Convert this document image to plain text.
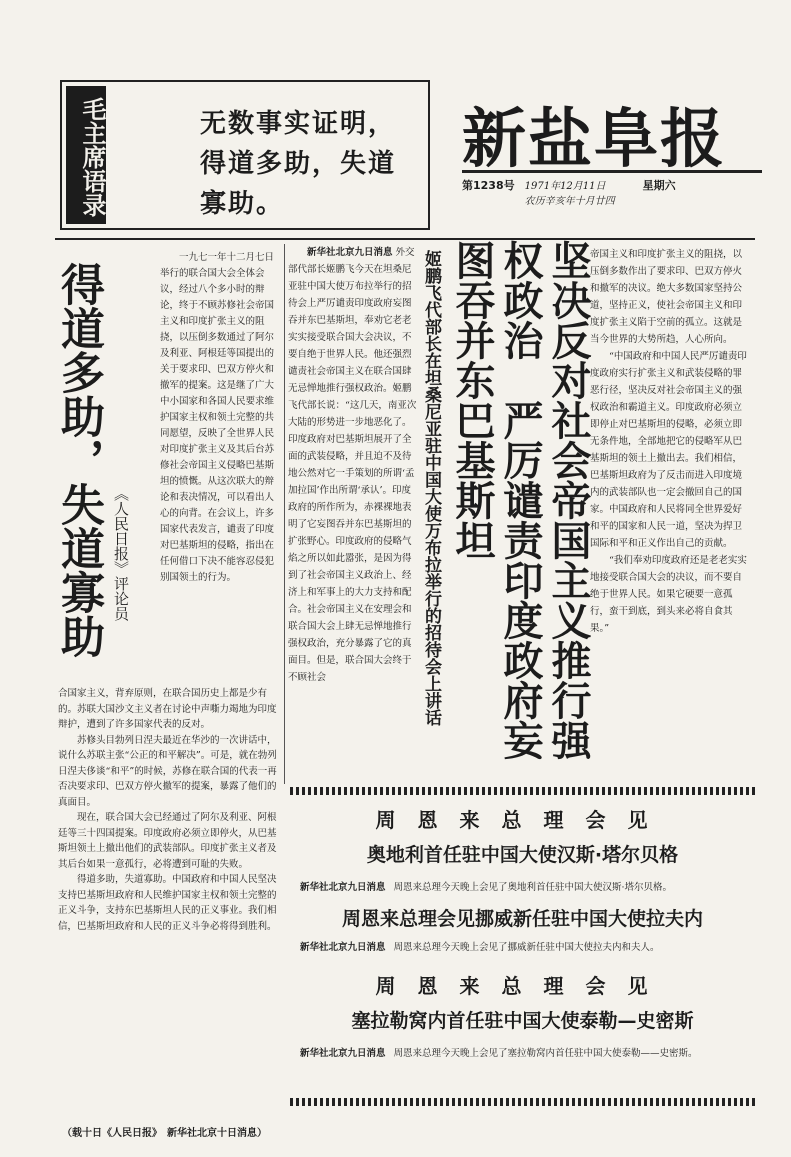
毛主席语录	无数事实证明，得道多助，失道寡助。
新盐阜报
第1238号 1971年12月11日
农历辛亥年十月廿四
星期六
得道多助，失道寡助 《人民日报》评论员
一九七一年十二月七日举行的联合国大会全体会议，经过八个多小时的辩论，终于不顾苏修社会帝国主义和印度扩张主义的阻挠，以压倒多数通过了阿尔及利亚、阿根廷等国提出的关于要求印、巴双方停火和撤军的提案。这是继了广大中小国家和各国人民要求维护国家主权和领土完整的共同愿望，反映了全世界人民对印度扩张主义及其后台苏修社会帝国主义侵略巴基斯坦的愤慨。从这次联大的辩论和表决情况，可以看出人心的向背。在会议上，许多国家代表发言，谴责了印度对巴基斯坦的侵略，指出在任何借口下决不能容忍侵犯别国领土的行为。

合国家主义，背弃原则，在联合国历史上都是少有的。苏联大国沙文主义者在讨论中声嘶力竭地为印度辩护，遭到了许多国家代表的反对。

苏修头目勃列日涅夫最近在华沙的一次讲话中，说什么苏联主张“公正的和平解决”。可是，就在勃列日涅夫侈谈“和平”的时候，苏修在联合国的代表一再否决要求印、巴双方停火撤军的提案，暴露了他们的真面目。

现在，联合国大会已经通过了阿尔及利亚、阿根廷等三十四国提案。印度政府必须立即停火，从巴基斯坦领土上撤出他们的武装部队。印度扩张主义者及其后台如果一意孤行，必将遭到可耻的失败。

得道多助，失道寡助。中国政府和中国人民坚决支持巴基斯坦政府和人民维护国家主权和领土完整的正义斗争，支持东巴基斯坦人民的正义事业。我们相信，巴基斯坦政府和人民的正义斗争必将得到胜利。

（载十日《人民日报》　新华社北京十日消息）
新华社北京九日消息 外交部代部长姬鹏飞今天在坦桑尼亚驻中国大使万布拉举行的招待会上严厉谴责印度政府妄图吞并东巴基斯坦，奉劝它老老实实接受联合国大会决议，不要自绝于世界人民。他还强烈谴责社会帝国主义在联合国肆无忌惮地推行强权政治。姬鹏飞代部长说：“这几天，南亚次大陆的形势进一步地恶化了。印度政府对巴基斯坦展开了全面的武装侵略，并且迫不及待地公然对它一手策划的所谓‘孟加拉国’作出所谓‘承认’。印度政府的所作所为，赤裸裸地表明了它妄图吞并东巴基斯坦的扩张野心。印度政府的侵略气焰之所以如此嚣张，是因为得到了社会帝国主义政治上、经济上和军事上的大力支持和配合。社会帝国主义在安理会和联合国大会上肆无忌惮地推行强权政治，充分暴露了它的真面目。但是，联合国大会终于不顾社会	姬鹏飞代部长在坦桑尼亚驻中国大使万布拉举行的招待会上讲话	坚决反对社会帝国主义推行强权政治　严厉谴责印度政府妄图吞并东巴基斯坦	帝国主义和印度扩张主义的阻挠，以压倒多数作出了要求印、巴双方停火和撤军的决议。绝大多数国家坚持公道，坚持正义，使社会帝国主义和印度扩张主义陷于空前的孤立。这就是当今世界的大势所趋，人心所向。

“中国政府和中国人民严厉谴责印度政府实行扩张主义和武装侵略的罪恶行径，坚决反对社会帝国主义的强权政治和霸道主义。印度政府必须立即停止对巴基斯坦的侵略，必须立即无条件地，全部地把它的侵略军从巴基斯坦的领土上撤出去。我们相信，巴基斯坦政府为了反击而进入印度境内的武装部队也一定会撤回自己的国家。中国政府和人民将同全世界爱好和平的国家和人民一道，坚决为捍卫国际和平和正义作出自己的贡献。

“我们奉劝印度政府还是老老实实地接受联合国大会的决议，而不要自绝于世界人民。如果它硬要一意孤行，蛮干到底，到头来必将自食其果。”

周恩来总理会见
奥地利首任驻中国大使汉斯·塔尔贝格
新华社北京九日消息 周恩来总理今天晚上会见了奥地利首任驻中国大使汉斯·塔尔贝格。
周恩来总理会见挪威新任驻中国大使拉夫内
新华社北京九日消息 周恩来总理今天晚上会见了挪威新任驻中国大使拉夫内和夫人。
周恩来总理会见
塞拉勒窝内首任驻中国大使泰勒—史密斯
新华社北京九日消息 周恩来总理今天晚上会见了塞拉勒窝内首任驻中国大使泰勒——史密斯。
